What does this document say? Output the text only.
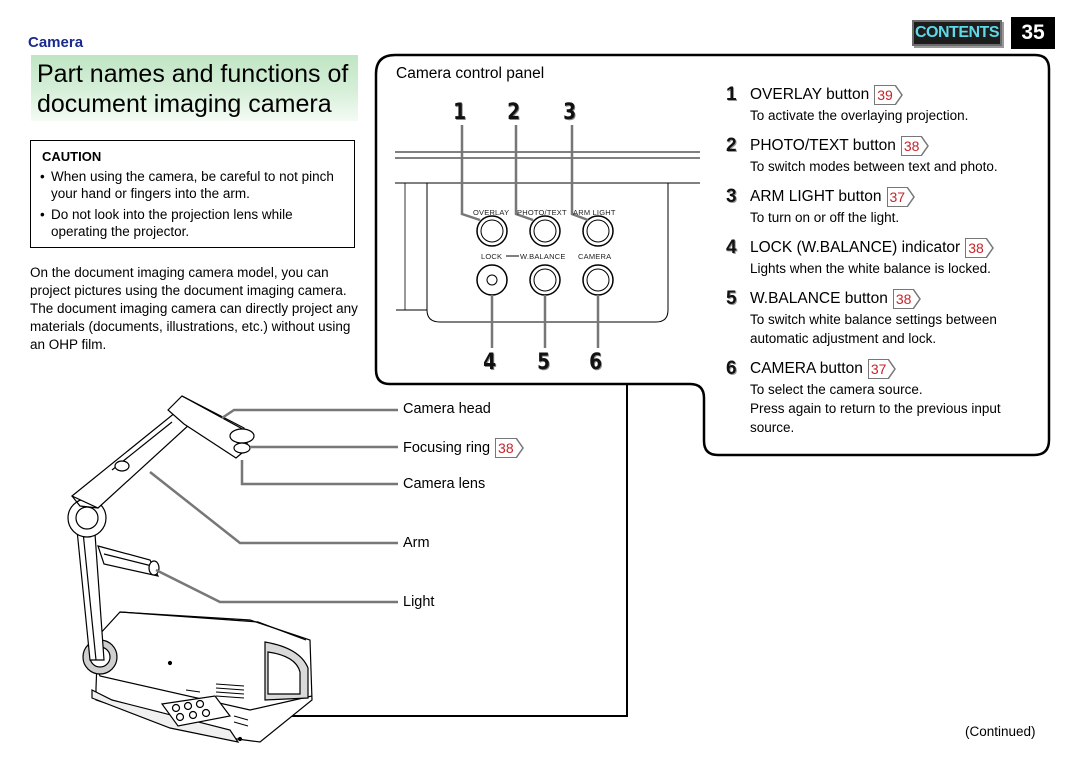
Camera
CONTENTS	35
Part names and functions of
document imaging camera
CAUTION
• When using the camera, be careful to not pinch your hand or fingers into the arm.
• Do not look into the projection lens while operating the projector.
On the document imaging camera model, you can project pictures using the document imaging camera.
The document imaging camera can directly project any materials (documents, illustrations, etc.) without using an OHP film.
Camera control panel
1 2 3
4 5 6
OVERLAY PHOTO/TEXT ARM LIGHT
LOCK W.BALANCE CAMERA
1 OVERLAY button 39
To activate the overlaying projection.
2 PHOTO/TEXT button 38
To switch modes between text and photo.
3 ARM LIGHT button 37
To turn on or off the light.
4 LOCK (W.BALANCE) indicator 38
Lights when the white balance is locked.
5 W.BALANCE button 38
To switch white balance settings between automatic adjustment and lock.
6 CAMERA button 37
To select the camera source.
Press again to return to the previous input source.
Camera head
Focusing ring 38
Camera lens
Arm
Light
(Continued)
